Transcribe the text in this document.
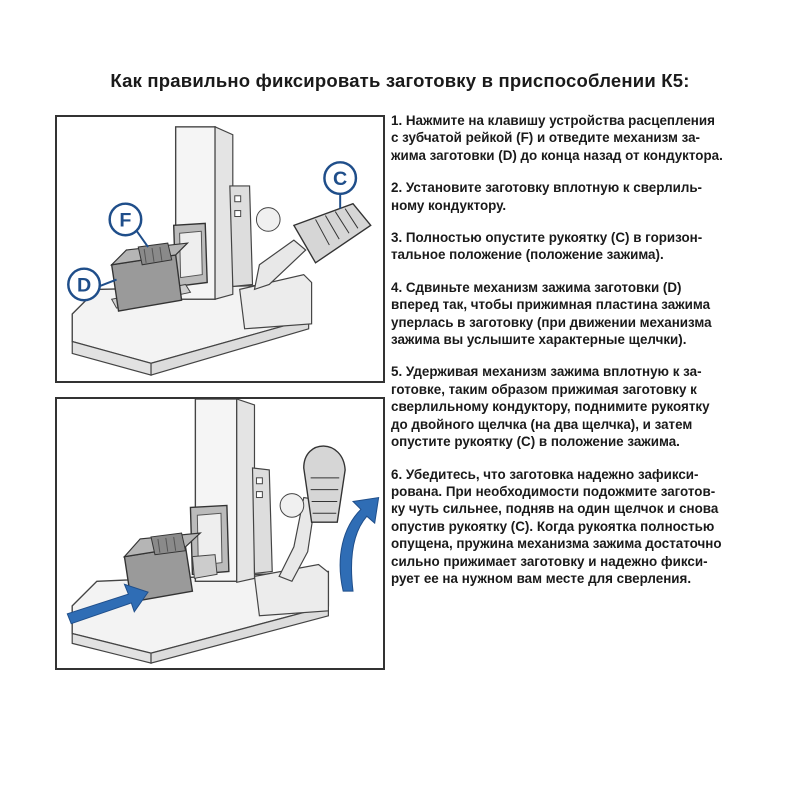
Как правильно фиксировать заготовку в приспособлении К5:
F
D
C
1. Нажмите на клавишу устройства расцепления
с зубчатой рейкой (F) и отведите механизм за-
жима заготовки (D) до конца назад от кондуктора.
2. Установите заготовку вплотную к сверлиль-
ному кондуктору.
3. Полностью опустите рукоятку (С) в горизон-
тальное положение (положение зажима).
4. Сдвиньте механизм зажима заготовки (D)
вперед так, чтобы прижимная пластина зажима
уперлась в заготовку (при движении механизма
зажима вы услышите характерные щелчки).
5. Удерживая механизм зажима вплотную к за-
готовке, таким образом прижимая заготовку к
сверлильному кондуктору, поднимите рукоятку
до двойного щелчка (на два щелчка), и затем
опустите рукоятку (С) в положение зажима.
6. Убедитесь, что заготовка надежно зафикси-
рована. При необходимости подожмите заготов-
ку чуть сильнее, подняв на один щелчок и снова
опустив рукоятку (С). Когда рукоятка полностью
опущена, пружина механизма зажима достаточно
сильно прижимает заготовку и надежно фикси-
рует ее на нужном вам месте для сверления.
